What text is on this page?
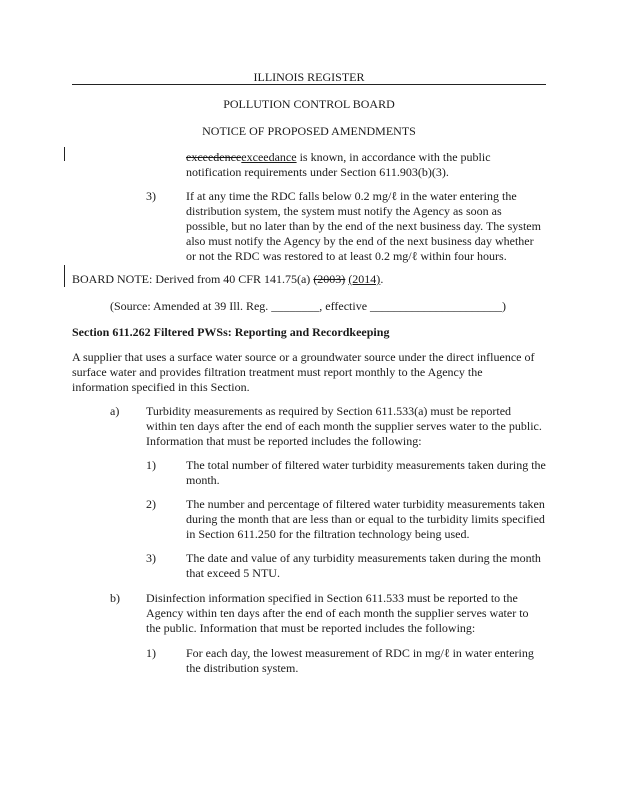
ILLINOIS REGISTER
POLLUTION CONTROL BOARD
NOTICE OF PROPOSED AMENDMENTS
exceedenceexceedance is known, in accordance with the public
notification requirements under Section 611.903(b)(3).
3)	If at any time the RDC falls below 0.2 mg/ℓ in the water entering the
distribution system, the system must notify the Agency as soon as
possible, but no later than by the end of the next business day. The system
also must notify the Agency by the end of the next business day whether
or not the RDC was restored to at least 0.2 mg/ℓ within four hours.
BOARD NOTE: Derived from 40 CFR 141.75(a) (2003) (2014).
(Source: Amended at 39 Ill. Reg. ________, effective ______________________)
Section 611.262 Filtered PWSs: Reporting and Recordkeeping
A supplier that uses a surface water source or a groundwater source under the direct influence of
surface water and provides filtration treatment must report monthly to the Agency the
information specified in this Section.
a) Turbidity measurements as required by Section 611.533(a) must be reported
within ten days after the end of each month the supplier serves water to the public.
Information that must be reported includes the following:
1)	The total number of filtered water turbidity measurements taken during the
month.
2)	The number and percentage of filtered water turbidity measurements taken
during the month that are less than or equal to the turbidity limits specified
in Section 611.250 for the filtration technology being used.
3)	The date and value of any turbidity measurements taken during the month
that exceed 5 NTU.
b) Disinfection information specified in Section 611.533 must be reported to the
Agency within ten days after the end of each month the supplier serves water to
the public. Information that must be reported includes the following:
1)	For each day, the lowest measurement of RDC in mg/ℓ in water entering
the distribution system.
